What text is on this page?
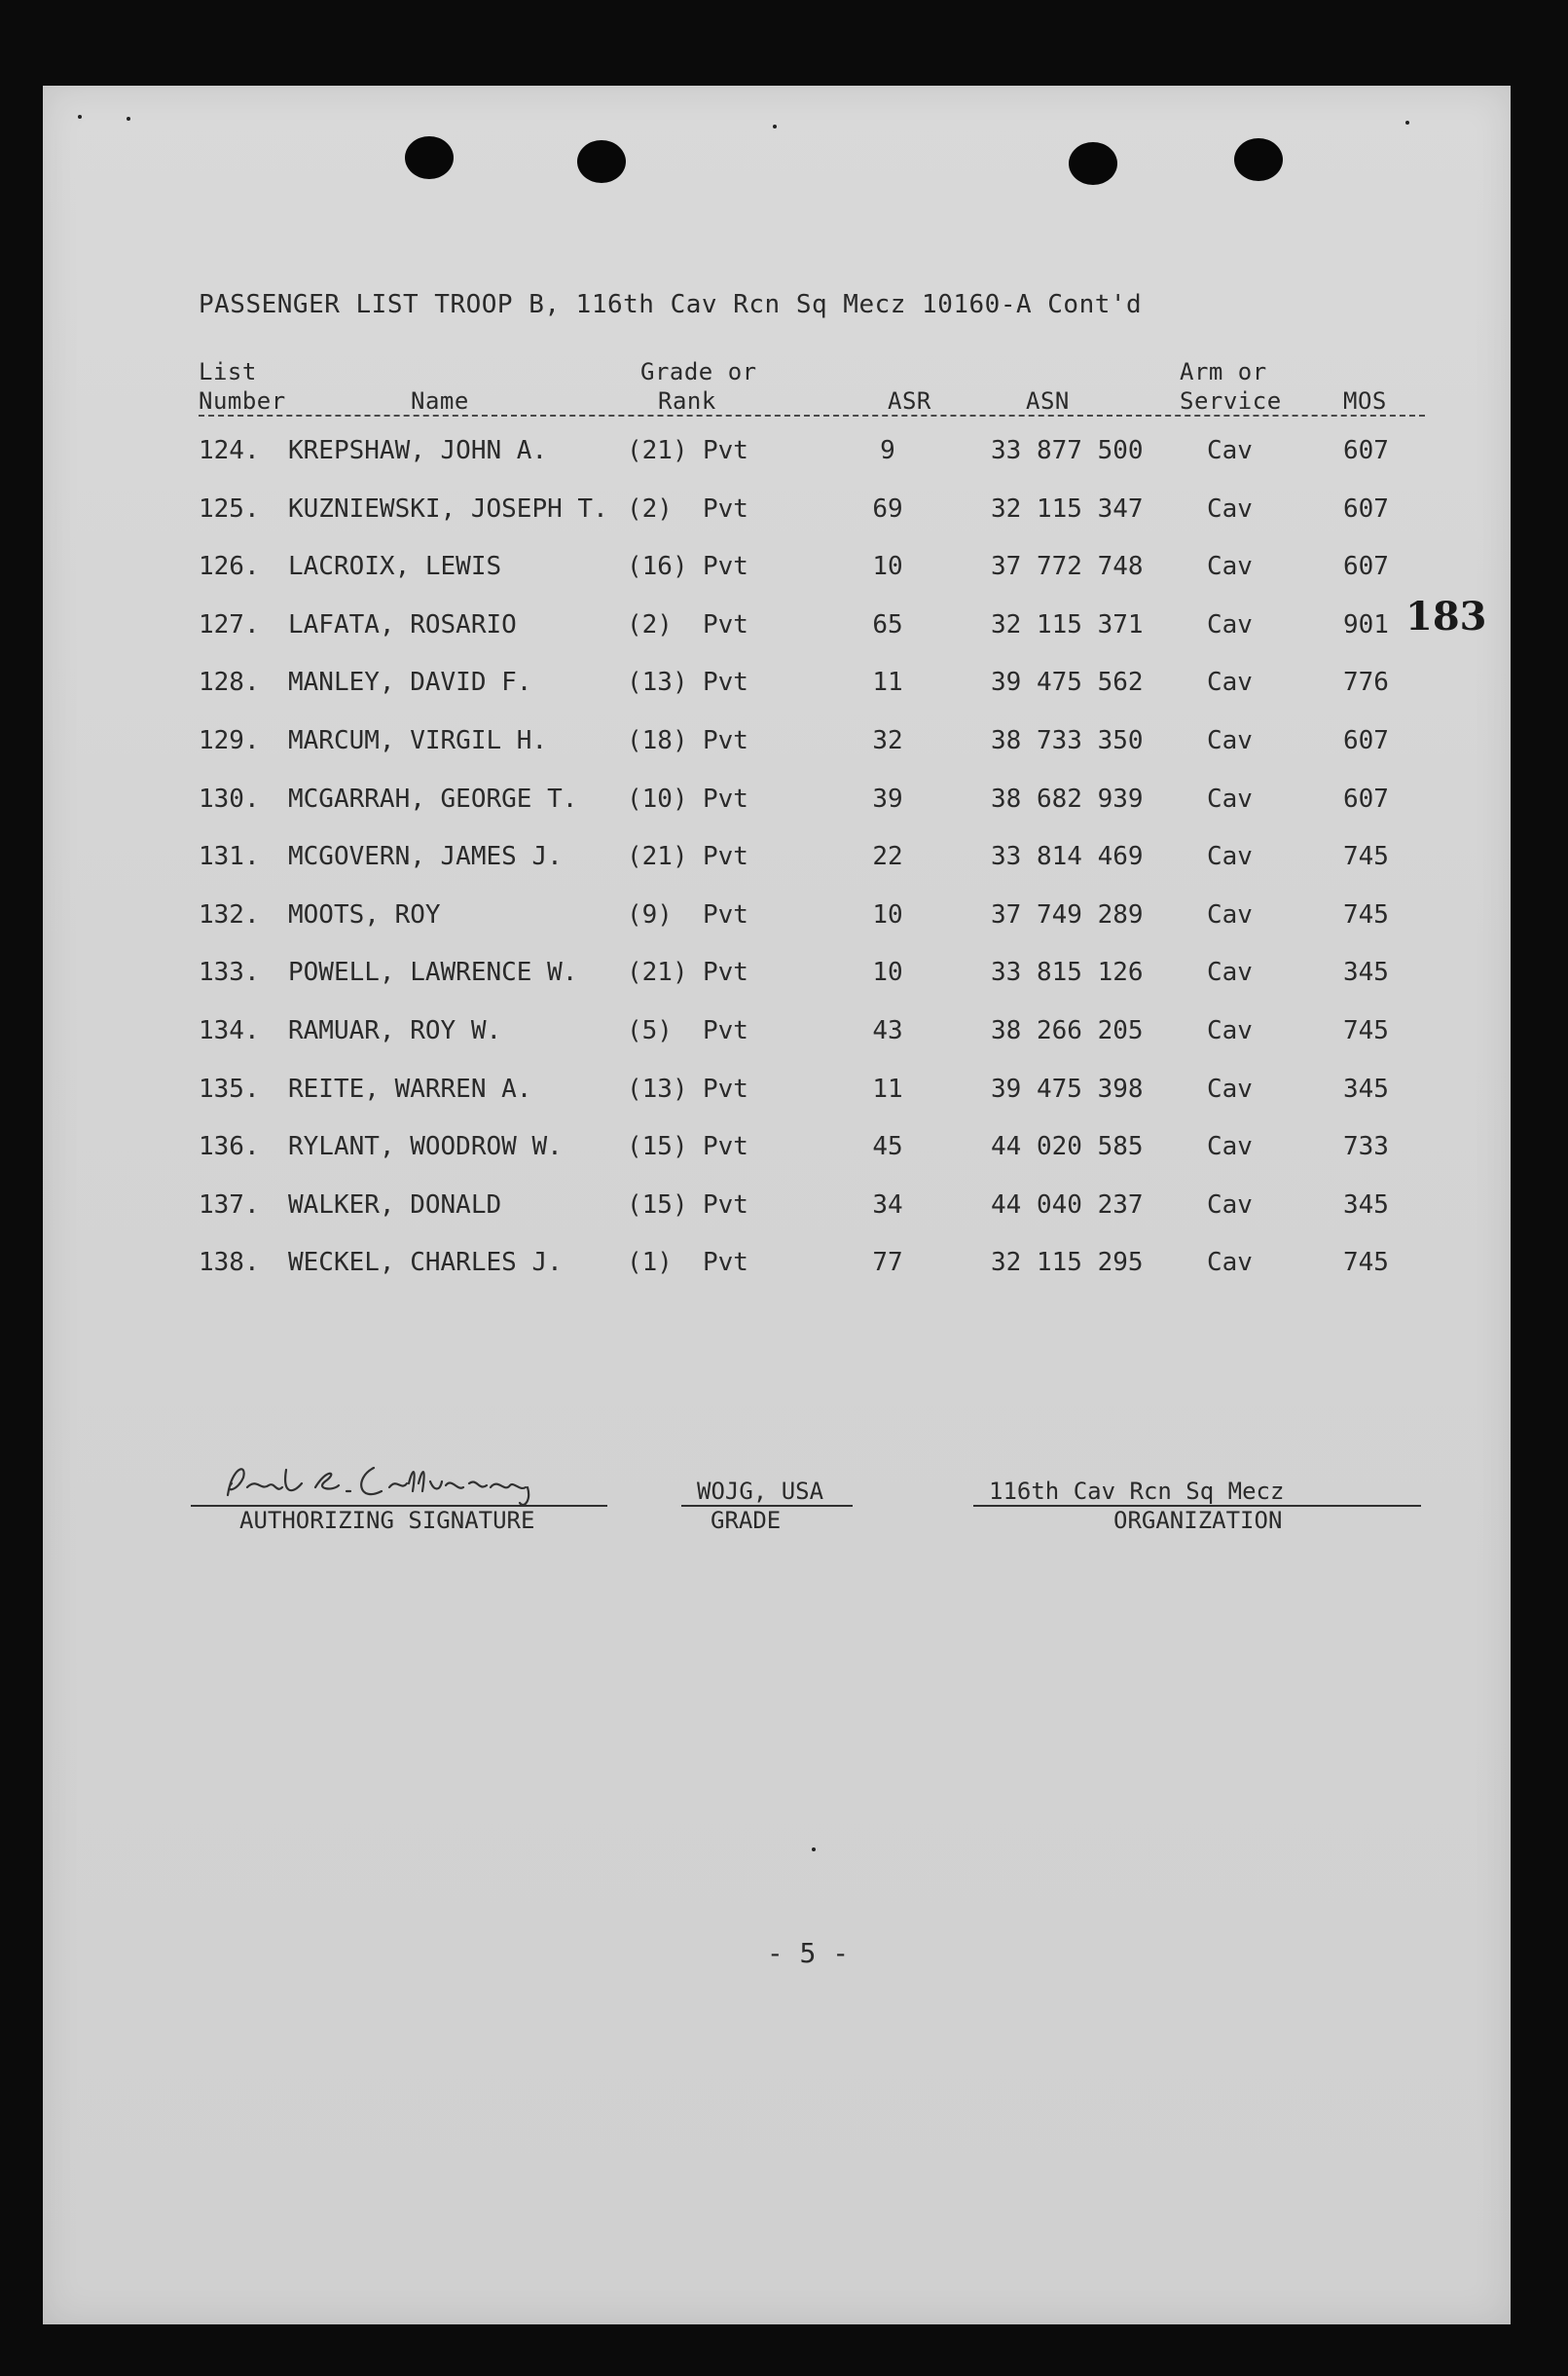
PASSENGER LIST TROOP B, 116th Cav Rcn Sq Mecz 10160-A Cont'd
List
Number	Name
Grade or
Rank	ASR	ASN
Arm or
Service	MOS
183
124. KREPSHAW, JOHN A.	(21) Pvt	9	33 877 500	Cav	607
125. KUZNIEWSKI, JOSEPH T. (2) Pvt	69	32 115 347	Cav	607
126. LACROIX, LEWIS	(16) Pvt	10	37 772 748	Cav	607
127. LAFATA, ROSARIO	(2) Pvt	65	32 115 371	Cav	901
128. MANLEY, DAVID F.	(13) Pvt	11	39 475 562	Cav	776
129. MARCUM, VIRGIL H.	(18) Pvt	32	38 733 350	Cav	607
130. MCGARRAH, GEORGE T. (10) Pvt	39	38 682 939	Cav	607
131. MCGOVERN, JAMES J.	(21) Pvt	22	33 814 469	Cav	745
132. MOOTS, ROY	(9) Pvt	10	37 749 289	Cav	745
133. POWELL, LAWRENCE W. (21) Pvt	10	33 815 126	Cav	345
134. RAMUAR, ROY W.	(5) Pvt	43	38 266 205	Cav	745
135. REITE, WARREN A.	(13) Pvt	11	39 475 398	Cav	345
136. RYLANT, WOODROW W.	(15) Pvt	45	44 020 585	Cav	733
137. WALKER, DONALD	(15) Pvt	34	44 040 237	Cav	345
138. WECKEL, CHARLES J.	(1) Pvt	77	32 115 295	Cav	745
AUTHORIZING SIGNATURE
WOJG, USA
GRADE
116th Cav Rcn Sq Mecz
ORGANIZATION
- 5 -
